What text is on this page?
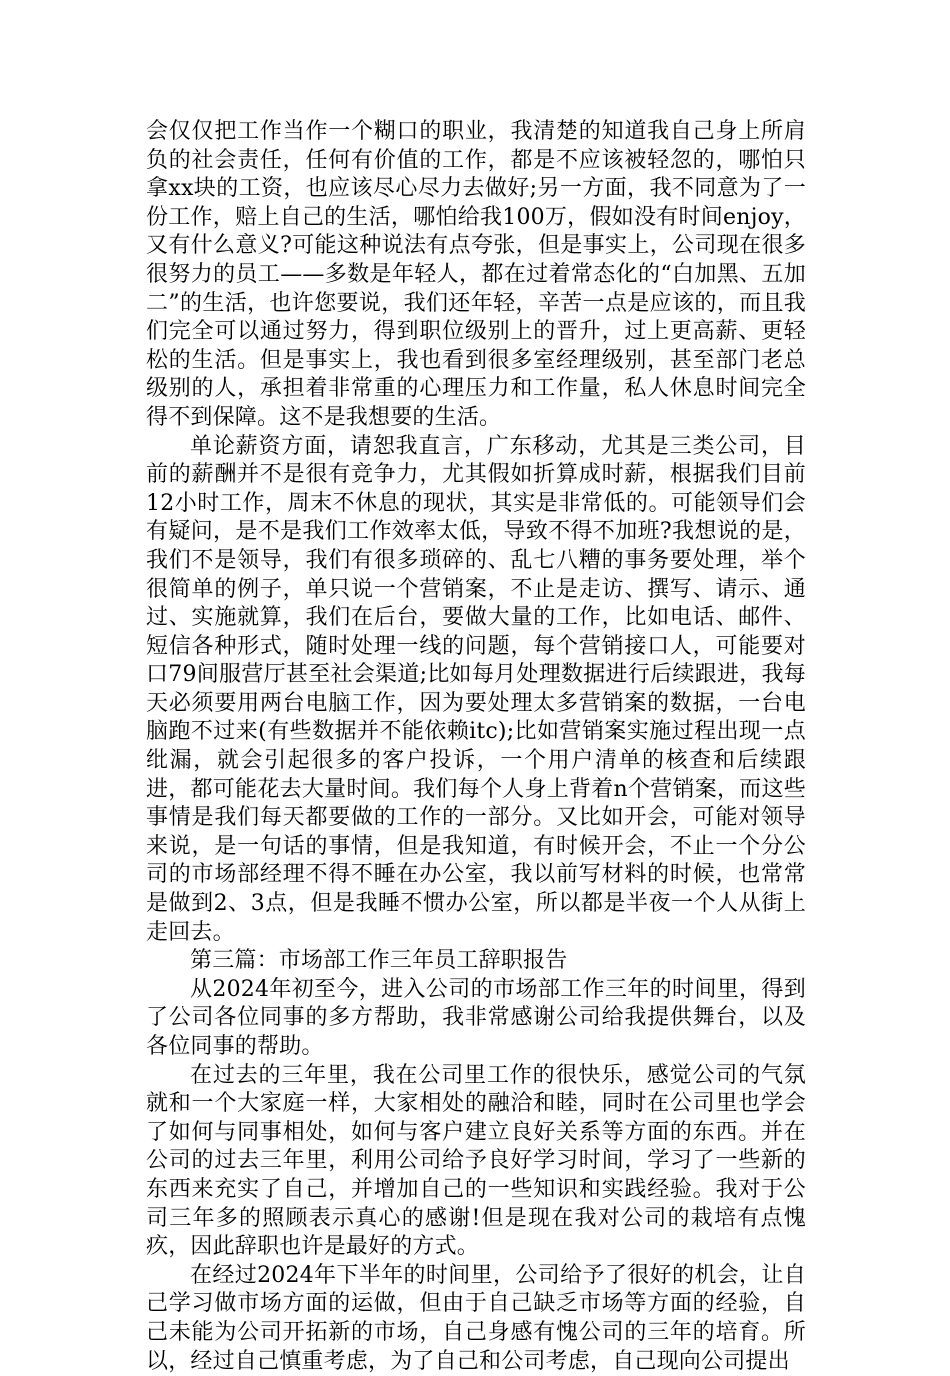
会仅仅把工作当作一个糊口的职业，我清楚的知道我自己身上所肩负的社会责任，任何有价值的工作，都是不应该被轻忽的，哪怕只拿xx块的工资，也应该尽心尽力去做好;另一方面，我不同意为了一份工作，赔上自己的生活，哪怕给我100万，假如没有时间enjoy，又有什么意义?可能这种说法有点夸张，但是事实上，公司现在很多很努力的员工——多数是年轻人，都在过着常态化的“白加黑、五加二”的生活，也许您要说，我们还年轻，辛苦一点是应该的，而且我们完全可以通过努力，得到职位级别上的晋升，过上更高薪、更轻松的生活。但是事实上，我也看到很多室经理级别，甚至部门老总级别的人，承担着非常重的心理压力和工作量，私人休息时间完全得不到保障。这不是我想要的生活。

单论薪资方面，请恕我直言，广东移动，尤其是三类公司，目前的薪酬并不是很有竞争力，尤其假如折算成时薪，根据我们目前12小时工作，周末不休息的现状，其实是非常低的。可能领导们会有疑问，是不是我们工作效率太低，导致不得不加班?我想说的是，我们不是领导，我们有很多琐碎的、乱七八糟的事务要处理，举个很简单的例子，单只说一个营销案，不止是走访、撰写、请示、通过、实施就算，我们在后台，要做大量的工作，比如电话、邮件、短信各种形式，随时处理一线的问题，每个营销接口人，可能要对口79间服营厅甚至社会渠道;比如每月处理数据进行后续跟进，我每天必须要用两台电脑工作，因为要处理太多营销案的数据，一台电脑跑不过来(有些数据并不能依赖itc);比如营销案实施过程出现一点纰漏，就会引起很多的客户投诉，一个用户清单的核查和后续跟进，都可能花去大量时间。我们每个人身上背着n个营销案，而这些事情是我们每天都要做的工作的一部分。又比如开会，可能对领导来说，是一句话的事情，但是我知道，有时候开会，不止一个分公司的市场部经理不得不睡在办公室，我以前写材料的时候，也常常是做到2、3点，但是我睡不惯办公室，所以都是半夜一个人从街上走回去。

第三篇：市场部工作三年员工辞职报告

从2024年初至今，进入公司的市场部工作三年的时间里，得到了公司各位同事的多方帮助，我非常感谢公司给我提供舞台，以及各位同事的帮助。

在过去的三年里，我在公司里工作的很快乐，感觉公司的气氛就和一个大家庭一样，大家相处的融洽和睦，同时在公司里也学会了如何与同事相处，如何与客户建立良好关系等方面的东西。并在公司的过去三年里，利用公司给予良好学习时间，学习了一些新的东西来充实了自己，并增加自己的一些知识和实践经验。我对于公司三年多的照顾表示真心的感谢!但是现在我对公司的栽培有点愧疚，因此辞职也许是最好的方式。

在经过2024年下半年的时间里，公司给予了很好的机会，让自己学习做市场方面的运做，但由于自己缺乏市场等方面的经验，自己未能为公司开拓新的市场，自己身感有愧公司的三年的培育。所以，经过自己慎重考虑，为了自己和公司考虑，自己现向公司提出
